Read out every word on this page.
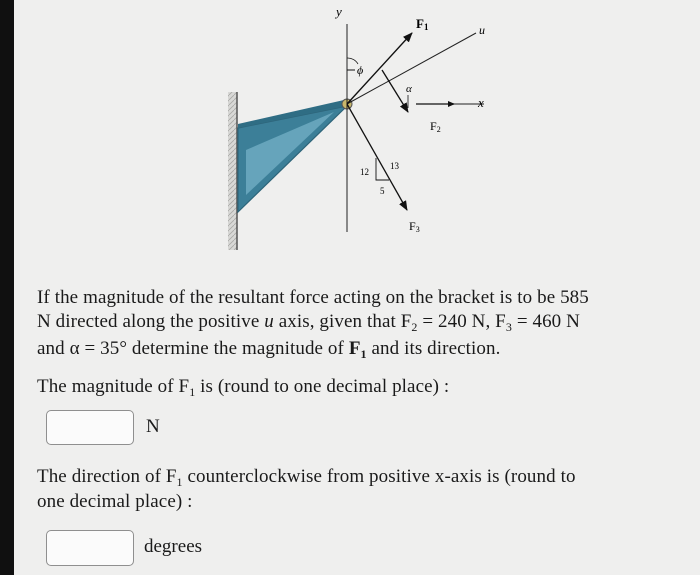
y
x
u
F1
ϕ
α
F2
F3
12
13
5

If the magnitude of the resultant force acting on the bracket is to be 585

N directed along the positive u axis, given that $F_2 = 240$ N, $F_3 = 460$ N

and α = 35° determine the magnitude of $F_1$ and its direction.

The magnitude of $F_1$ is (round to one decimal place) :

N

The direction of $F_1$ counterclockwise from positive x-axis is (round to

one decimal place) :

degrees
